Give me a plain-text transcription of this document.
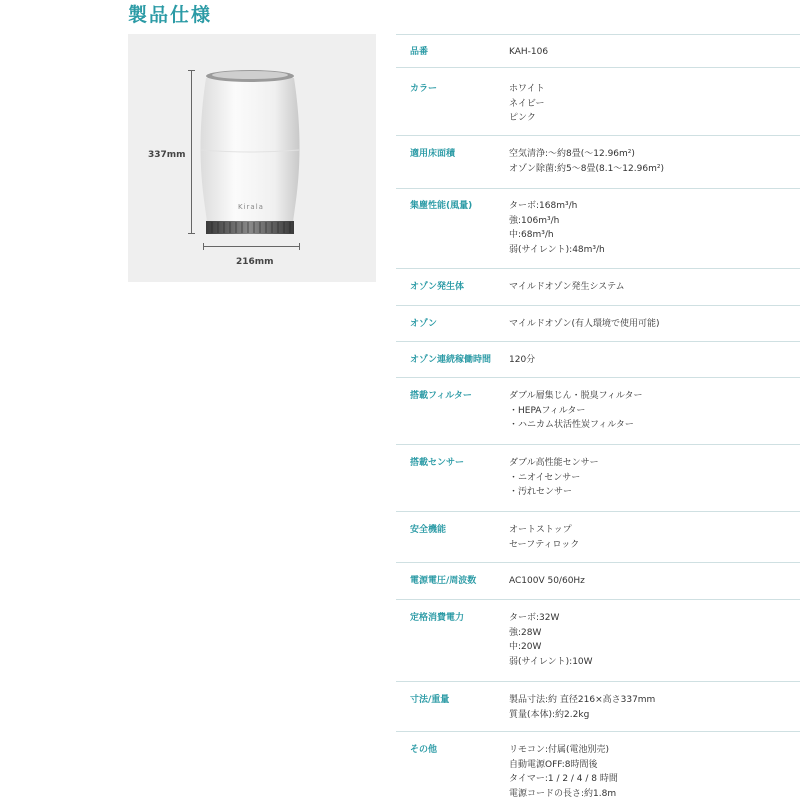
製品仕様
Kirala
337mm
216mm
品番	KAH-106
カラー	ホワイト
ネイビー
ピンク
適用床面積	空気清浄:～約8畳(～12.96m²)
オゾン除菌:約5～8畳(8.1～12.96m²)
集塵性能(風量)	ターボ:168m³/h
強:106m³/h
中:68m³/h
弱(サイレント):48m³/h
オゾン発生体	マイルドオゾン発生システム
オゾン	マイルドオゾン(有人環境で使用可能)
オゾン連続稼働時間	120分
搭載フィルター	ダブル層集じん・脱臭フィルター
・HEPAフィルター
・ハニカム状活性炭フィルター
搭載センサー	ダブル高性能センサー
・ニオイセンサー
・汚れセンサー
安全機能	オートストップ
セーフティロック
電源電圧/周波数	AC100V 50/60Hz
定格消費電力	ターボ:32W
強:28W
中:20W
弱(サイレント):10W
寸法/重量	製品寸法:約 直径216×高さ337mm
質量(本体):約2.2kg
その他	リモコン:付属(電池別売)
自動電源OFF:8時間後
タイマー:1 / 2 / 4 / 8 時間
電源コードの長さ:約1.8m
